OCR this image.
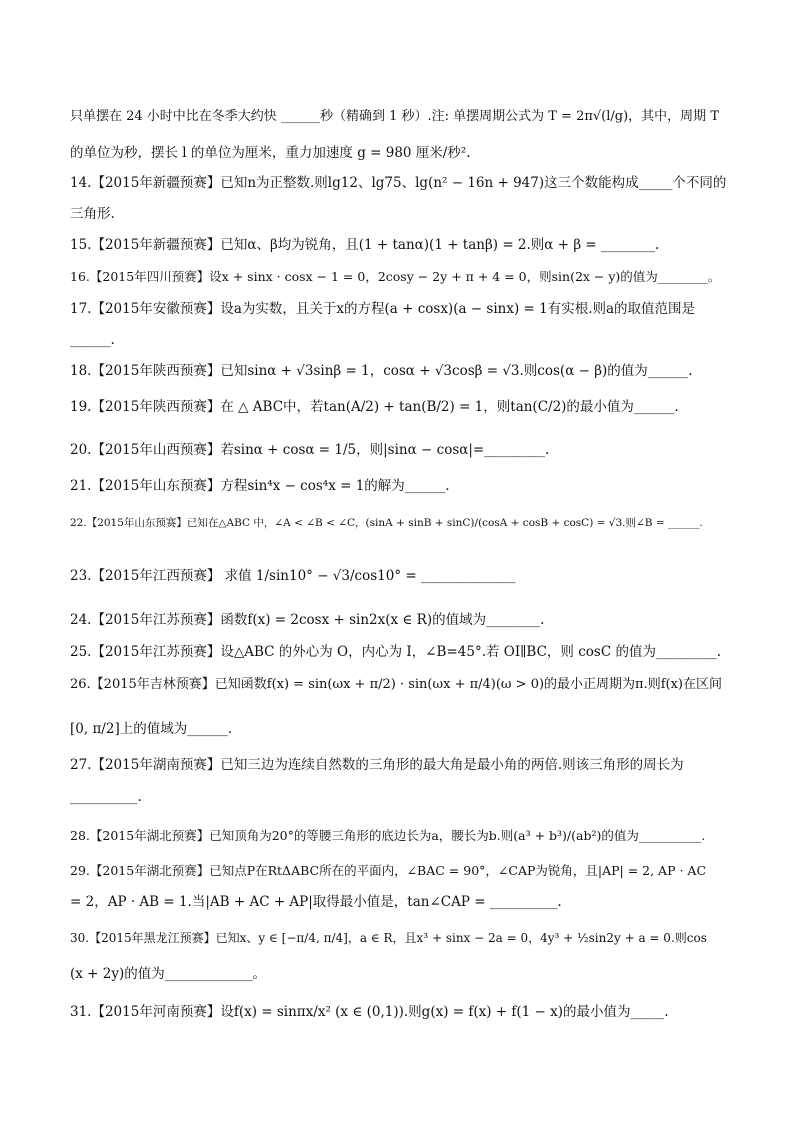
只单摆在 24 小时中比在冬季大约快 ______秒（精确到 1 秒）.注: 单摆周期公式为 T = 2π√(l/g)，其中，周期 T
的单位为秒，摆长 l 的单位为厘米，重力加速度 g = 980 厘米/秒².
14.【2015年新疆预赛】已知n为正整数.则lg12、lg75、lg(n² − 16n + 947)这三个数能构成_____个不同的
三角形.
15.【2015年新疆预赛】已知α、β均为锐角，且(1 + tanα)(1 + tanβ) = 2.则α + β = ________.
16.【2015年四川预赛】设x + sinx · cosx − 1 = 0，2cosy − 2y + π + 4 = 0，则sin(2x − y)的值为________。
17.【2015年安徽预赛】设a为实数，且关于x的方程(a + cosx)(a − sinx) = 1有实根.则a的取值范围是
______.
18.【2015年陕西预赛】已知sinα + √3sinβ = 1，cosα + √3cosβ = √3.则cos(α − β)的值为______.
19.【2015年陕西预赛】在 △ ABC中，若tan(A/2) + tan(B/2) = 1，则tan(C/2)的最小值为______.
20.【2015年山西预赛】若sinα + cosα = 1/5，则|sinα − cosα|=_________.
21.【2015年山东预赛】方程sin⁴x − cos⁴x = 1的解为______.
22.【2015年山东预赛】已知在△ABC 中，∠A < ∠B < ∠C，(sinA + sinB + sinC)/(cosA + cosB + cosC) = √3.则∠B = ______.
23.【2015年江西预赛】 求值 1/sin10° − √3/cos10° = ______________
24.【2015年江苏预赛】函数f(x) = 2cosx + sin2x(x ∈ R)的值域为________.
25.【2015年江苏预赛】设△ABC 的外心为 O，内心为 I，∠B=45°.若 OI∥BC，则 cosC 的值为_________.
26.【2015年吉林预赛】已知函数f(x) = sin(ωx + π/2) · sin(ωx + π/4)(ω > 0)的最小正周期为π.则f(x)在区间
[0, π/2]上的值域为______.
27.【2015年湖南预赛】已知三边为连续自然数的三角形的最大角是最小角的两倍.则该三角形的周长为
__________.
28.【2015年湖北预赛】已知顶角为20°的等腰三角形的底边长为a，腰长为b.则(a³ + b³)/(ab²)的值为__________.
29.【2015年湖北预赛】已知点P在RtΔABC所在的平面内，∠BAC = 90°，∠CAP为锐角，且|AP| = 2, AP · AC
= 2，AP · AB = 1.当|AB + AC + AP|取得最小值是，tan∠CAP = __________.
30.【2015年黑龙江预赛】已知x、y ∈ [−π/4, π/4]，a ∈ R，且x³ + sinx − 2a = 0，4y³ + ½sin2y + a = 0.则cos
(x + 2y)的值为_____________。
31.【2015年河南预赛】设f(x) = sinπx/x² (x ∈ (0,1)).则g(x) = f(x) + f(1 − x)的最小值为_____.
